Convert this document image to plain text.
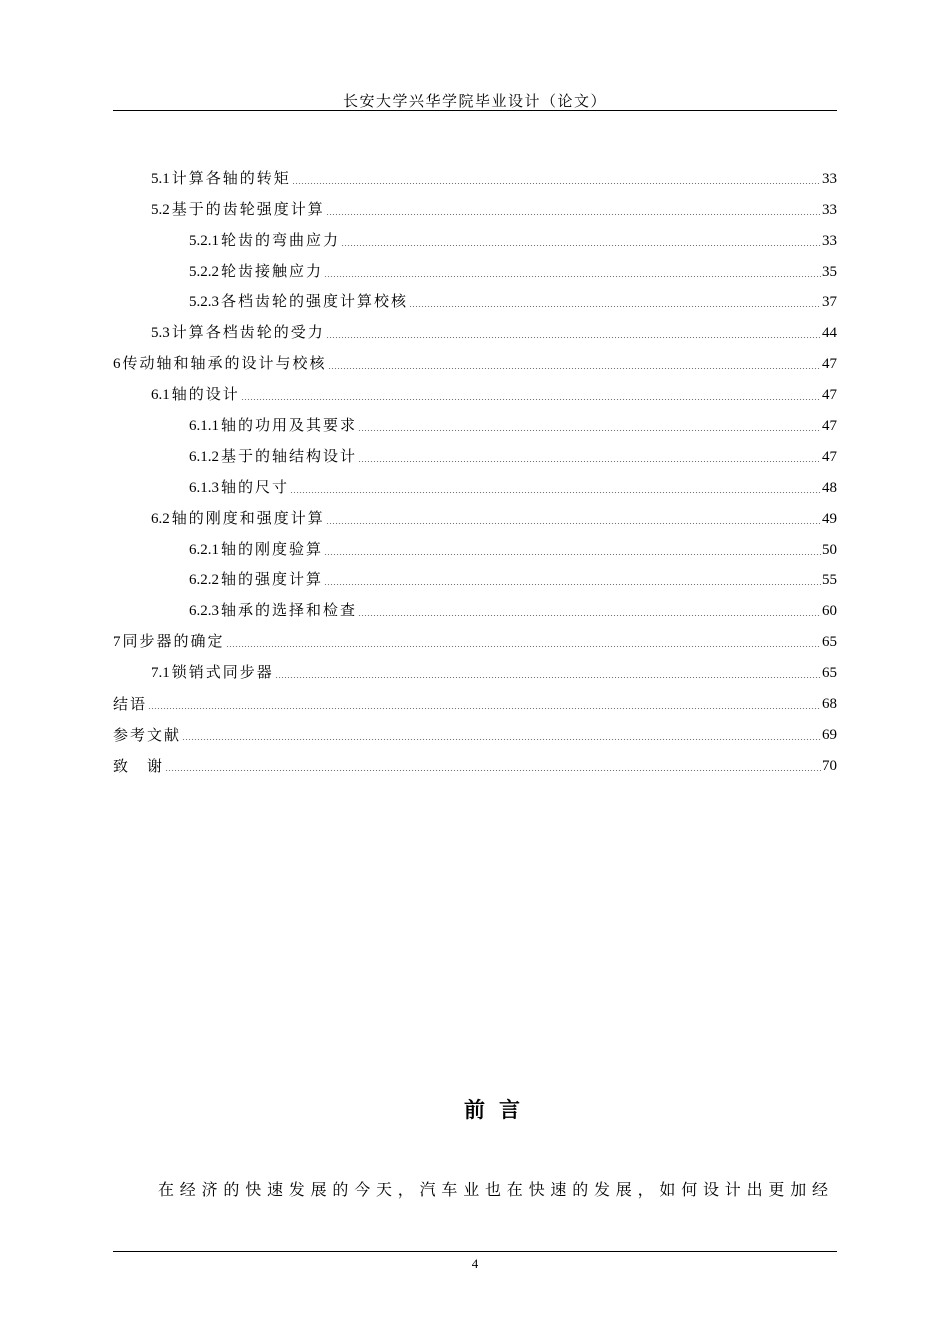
长安大学兴华学院毕业设计（论文）
5.1 计算各轴的转矩	33
5.2 基于的齿轮强度计算	33
5.2.1 轮齿的弯曲应力	33
5.2.2 轮齿接触应力	35
5.2.3 各档齿轮的强度计算校核	37
5.3 计算各档齿轮的受力	44
6 传动轴和轴承的设计与校核	47
6.1 轴的设计	47
6.1.1 轴的功用及其要求	47
6.1.2 基于的轴结构设计	47
6.1.3 轴的尺寸	48
6.2 轴的刚度和强度计算	49
6.2.1 轴的刚度验算	50
6.2.2 轴的强度计算	55
6.2.3 轴承的选择和检查	60
7 同步器的确定	65
7.1 锁销式同步器	65
结语	68
参考文献	69
致　谢	70
前言
在经济的快速发展的今天，汽车业也在快速的发展，如何设计出更加经
4
